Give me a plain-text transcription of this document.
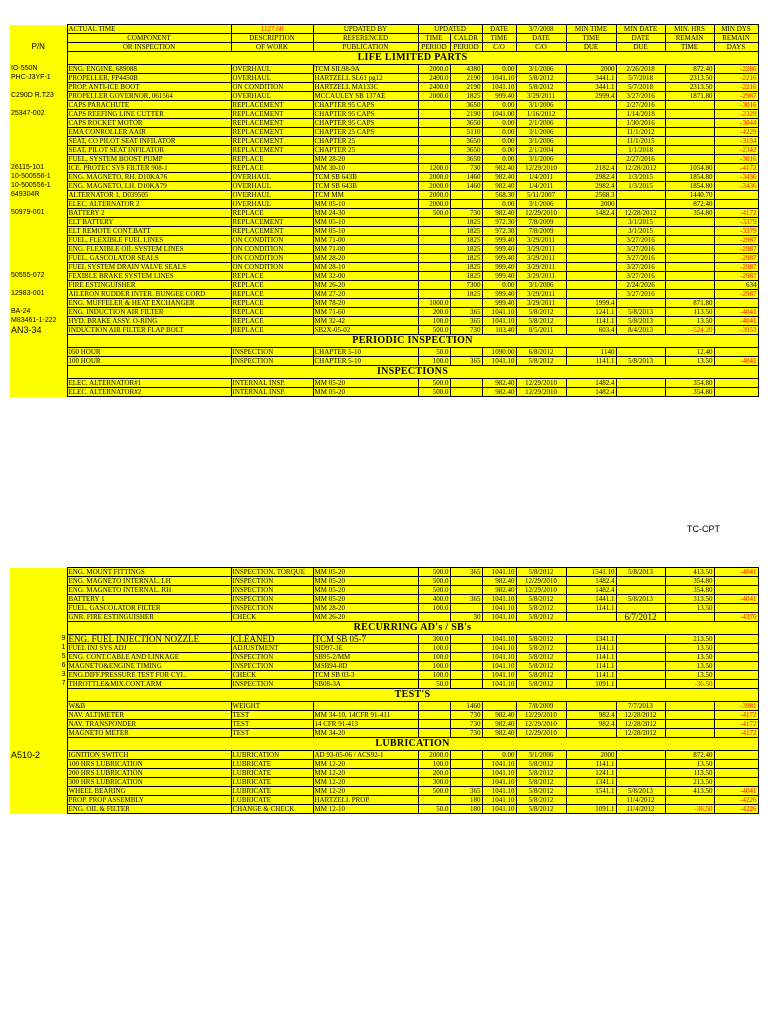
	ACTUAL TIME	1127.60	UPDATED BY	UPDATED		DATE	3/7/2008	MIN TIME	MIN DATE	MIN. HRS	MIN DYS
	COMPONENT	DESCRIPTION	REFERENCED	TIME	CALDR	TIME	DATE	TIME	DATE	REMAIN	REMAIN
P/N	OR INSPECTION	OF WORK	PUBLICATION	PERIOD	PERIOD	C/O	C/O	DUE	DUE	TIME	DAYS
	LIFE LIMITED PARTS										
IO-550N	ENG. ENGINE, 689088	OVERHAUL	TCM SIL98-9A	2000.0	4380	0.00	3/1/2006	2000	2/26/2018	872.40	-2286
PHC-J3YF-1	PROPELLER, FP4450B	OVERHAUL	HARTZELL SL61 pg12	2400.0	2190	1041.10	5/8/2012	3441.1	5/7/2018	2313.50	-2216
	PROP. ANTI-ICE BOOT	ON CONDITION	HARTZELL MA133C	2400.0	2190	1041.10	5/8/2012	3441.1	5/7/2018	2313.50	-2216
C290D R.T23	PROPELLER GOVERNOR, 061564	OVERHAUL	MCCAULEY SB 137AE	2000.0	1825	999.40	3/29/2011	2999.4	3/27/2016	1871.80	-2987
	CAPS PARACHUTE	REPLACEMENT	CHAPTER 95 CAPS		3650	0.00	3/1/2006		2/27/2016		-3016
25347-002	CAPS REEFING LINE CUTTER	REPLACEMENT	CHAPTER 95 CAPS		2190	1041.00	1/16/2012		1/14/2018		-2329
	CAPS ROCKET MOTOR	REPLACEMENT	CHAPTER 95 CAPS		3650	0.00	2/1/2006		1/30/2016		-3044
	EMA CONROLLER AAIR	REPLACEMENT	CHAPTER 25 CAPS		5110	0.00	3/1/2006		11/1/2012		-4229
	SEAT, CO PILOT SEAT INFILATOR	REPLACEMENT	CHAPTER 25		3650	0.00	3/1/2006		11/1/2015		-3134
	SEAT, PILOT SEAT INFILATOR	REPLACEMENT	CHAPTER 25		3650	0.00	2/1/2004		1/1/2018		-2342
	FUEL, SYSTEM BOOST PUMP	REPLACE	MM 28-20		3650	0.00	3/1/2006		2/27/2016		-3016
26115-101	ICE. PROTEC SYS FILTER 908-1	REPLACE	MM 30-10	1200.0	730	982.40	12/29/2010	2182.4	12/28/2012	1054.80	-4172
10-500556-1	ENG. MAGNETO, RH. D10KA76	OVERHAUL	TCM SB 643B	2000.0	1460	982.40	1/4/2011	2982.4	1/3/2015	1854.80	-3436
10-500556-1	ENG. MAGNETO, LH. D10KA79	OVERHAUL	TCM SB 643B	2000.0	1460	982.40	1/4/2011	2982.4	1/3/2015	1854.80	-3436
649304R	ALTERNATOR 1, D039505	OVERHAUL	TCM MM	2000.0		568.30	5/11/2007	2568.3		1440.70	
	ELEC. ALTERNATOR 2	OVERHAUL	MM 05-10	2000.0		0.00	3/1/2006	2000		872.40	
50979-001	BATTERY 2	REPLACE	MM 24-30	500.0	730	982.40	12/29/2010	1482.4	12/28/2012	354.80	-4172
	ELT BATTERY	REPLACEMENT	MM 05-10		1825	972.30	7/8/2009		3/1/2015		-3379
	ELT REMOTE CONT.BATT	REPLACEMENT	MM 05-10		1825	972.30	7/8/2009		3/1/2015		-3379
	FUEL, FLEXIBLE FUEL LINES	ON CONDITION	MM 71-00		1825	999.40	3/29/2011		3/27/2016		-2987
	ENG. FLEXIBLE OIL SYSTEM LINES	ON CONDITION	MM 71-00		1825	999.40	3/29/2011		3/27/2016		-2987
	FUEL, GASCOLATOR SEALS	ON CONDITION	MM 28-20		1825	999.40	3/29/2011		3/27/2016		-2987
	FUEL SYSTEM DRAIN VALVE SEALS	ON CONDITION	MM 28-10		1825	999.40	3/29/2011		3/27/2016		-2987
50555-072	FEXIBLE BRAKE SYSTEM LINES	REPLACE	MM 32-00		1825	999.40	3/29/2011		3/27/2016		-2987
	FIRE ESTINGUISHER	REPLACE	MM 26-20		7300	0.00	3/1/2006		2/24/2026		634
12983-001	AILERON RUDDER INTER. BUNGEE CORD	REPLACE	MM 27-20		1825	999.40	3/29/2011		3/27/2016		-2987
	ENG. MUFFELER & HEAT EXCHANGER	REPLACE	MM 78-20	1000.0		999.40	3/29/2011	1999.4		871.80	
BA-24	ENG. INDUCTION AIR FILTER	REPLACE	MM 71-60	200.0	365	1041.10	5/8/2012	1241.1	5/8/2013	113.50	-4041
M83461-1-222	HYD. BRAKE ASSY. O-RING	REPLACE	MM 32-42	100.0	365	1041.10	5/8/2012	1141.1	5/8/2013	13.50	-4041
AN3-34	INDUCTION AIR FILTER FLAP BOLT	REPLACE	SB2X-05-02	500.0	730	103.40	8/5/2011	603.4	8/4/2013	-524.20	-3953
	PERIODIC INSPECTION										
	050 HOUR	INSPECTION	CHAPTER 5-10	50.0		1090.00	6/8/2012	1140		12.40	
	100 HOUR	INSPECTION	CHAPTER 5-10	100.0	365	1041.10	5/8/2012	1141.1	5/8/2013	13.50	-4041
	INSPECTIONS										
	ELEC. ALTERNATOR#1	INTERNAL INSP.	MM 05-20	500.0		982.40	12/29/2010	1482.4		354.80	
	ELEC. ALTERNATOR#2	INTERNAL INSP.	MM 05-20	500.0		982.40	12/29/2010	1482.4		354.80	
TC-CPT
	ENG. MOUNT FITTINGS	INSPECTION, TORQUE	MM 05-20	500.0	365	1041.10	5/8/2012	1541.10	5/8/2013	413.50	-4041
	ENG. MAGNETO INTERNAL. LH	INSPECTION	MM 05-20	500.0		982.40	12/29/2010	1482.4		354.80	
	ENG. MAGNETO INTERNAL. RH	INSPECTION	MM 05-20	500.0		982.40	12/29/2010	1482.4		354.80	
	BATTERY 1	INSPECTION	MM 05-20	400.0	365	1041.10	5/8/2012	1441.1	5/8/2013	313.50	-4041
	FUEL, GASCOLATOR FILTER	INSPECTION	MM 28-20	100.0		1041.10	5/8/2012	1141.1		13.50	
	GNR. FIRE ESTINGUISHER	CHECK	MM 26-20		30	1041.10	5/8/2012		6/7/2012		-4376
	RECURRING AD's / SB's										
9	ENG. FUEL INJECTION NOZZLE	CLEANED	TCM SB 05-7	300.0		1041.10	5/8/2012	1341.1		213.50	
1	FUEL INJ SYS ADJ	ADJUSTMENT	SID97-3E	100.0		1041.10	5/8/2012	1141.1		13.50	
5	ENG. CONT.CABLE AND LINKAGE	INSPECTION	SB95-2/MM	100.0		1041.10	5/8/2012	1141.1		13.50	
6	MAGNETO&ENGINE TIMING	INSPECTION	MSB94-8D	100.0		1041.10	5/8/2012	1141.1		13.50	
3	ENG.DIFF.PRESSURE TEST FOR CYL.	CHECK	TCM SB 03-3	100.0		1041.10	5/8/2012	1141.1		13.50	
7	THROTTLE&MIX.CONT.ARM	INSPECTION	SB08-3A	50.0		1041.10	5/8/2012	1091.1		-36.50	
	TEST'S										
	W&B	WEIGHT			1460		7/8/2009		7/7/2013		-3981
	NAV. ALTIMETER	TEST	MM 34-10, 14CFR 91-411		730	982.40	12/29/2010	982.4	12/28/2012		-4172
	NAV. TRANSPONDER	TEST	14 CFR 91-413		730	982.40	12/29/2010	982.4	12/28/2012		-4172
	MAGNETO METER	TEST	MM 34-20		730	982.40	12/29/2010		12/28/2012		-4172
	LUBRICATION										
A510-2	IGNITION SWITCH	LUBRICATION	AD 93-05-06 / ACS92-1	2000.0		0.00	3/1/2006	2000		872.40	
	100 HRS LUBRICATION	LUBRICATE	MM 12-20	100.0		1041.10	5/8/2012	1141.1		13.50	
	200 HRS LUBRICATION	LUBRICATE	MM 12-20	200.0		1041.10	5/8/2012	1241.1		113.50	
	300 HRS LUBRICATION	LUBRICATE	MM 12-20	300.0		1041.10	5/8/2012	1341.1		213.50	
	WHEEL BEARING	LUBRICATE	MM 12-20	500.0	365	1041.10	5/8/2012	1541.1	5/8/2013	413.50	-4041
	PROP. PROP ASSEMBLY	LUBRICATE	HARTZELL PROP.		180	1041.10	5/8/2012		11/4/2012		-4226
	ENG. OIL & FILTER	CHANGE & CHECK	MM 12-10	50.0	180	1041.10	5/8/2012	1091.1	11/4/2012	-36.50	-4226
